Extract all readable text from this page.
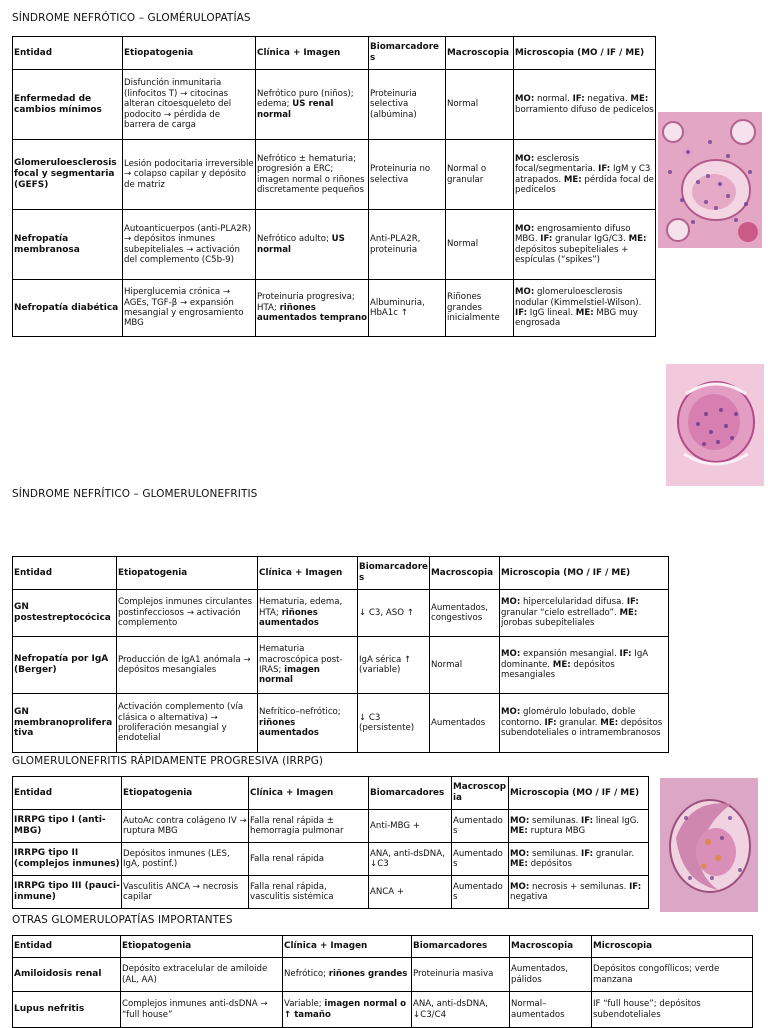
SÍNDROME NEFRÓTICO – GLOMÉRULOPATÍAS
Entidad	Etiopatogenia	Clínica + Imagen	Biomarcadores	Macroscopia	Microscopia (MO / IF / ME)
Enfermedad de cambios mínimos	Disfunción inmunitaria (linfocitos T) → citocinas alteran citoesqueleto del podocito → pérdida de barrera de carga	Nefrótico puro (niños); edema; US renal normal	Proteinuria selectiva (albúmina)	Normal	MO: normal. IF: negativa. ME: borramiento difuso de pedicelos
Glomeruloesclerosis focal y segmentaria (GEFS)	Lesión podocitaria irreversible → colapso capilar y depósito de matriz	Nefrótico ± hematuria; progresión a ERC; imagen normal o riñones discretamente pequeños	Proteinuria no selectiva	Normal o granular	MO: esclerosis focal/segmentaria. IF: IgM y C3 atrapados. ME: pérdida focal de pedicelos
Nefropatía membranosa	Autoanticuerpos (anti-PLA2R) → depósitos inmunes subepiteliales → activación del complemento (C5b-9)	Nefrótico adulto; US normal	Anti-PLA2R, proteinuria	Normal	MO: engrosamiento difuso MBG. IF: granular IgG/C3. ME: depósitos subepiteliales + espículas (“spikes”)
Nefropatía diabética	Hiperglucemia crónica → AGEs, TGF-β → expansión mesangial y engrosamiento MBG	Proteinuria progresiva; HTA; riñones aumentados temprano	Albuminuria, HbA1c ↑	Riñones grandes inicialmente	MO: glomeruloesclerosis nodular (Kimmelstiel-Wilson). IF: IgG lineal. ME: MBG muy engrosada
SÍNDROME NEFRÍTICO – GLOMERULONEFRITIS
Entidad	Etiopatogenia	Clínica + Imagen	Biomarcadores	Macroscopia	Microscopia (MO / IF / ME)
GN postestreptocócica	Complejos inmunes circulantes postinfecciosos → activación complemento	Hematuria, edema, HTA; riñones aumentados	↓ C3, ASO ↑	Aumentados, congestivos	MO: hipercelularidad difusa. IF: granular “cielo estrellado”. ME: jorobas subepiteliales
Nefropatía por IgA (Berger)	Producción de IgA1 anómala → depósitos mesangiales	Hematuria macroscópica post-IRAS; imagen normal	IgA sérica ↑ (variable)	Normal	MO: expansión mesangial. IF: IgA dominante. ME: depósitos mesangiales
GN membranoproliferativa	Activación complemento (vía clásica o alternativa) → proliferación mesangial y endotelial	Nefrítico–nefrótico; riñones aumentados	↓ C3 (persistente)	Aumentados	MO: glomérulo lobulado, doble contorno. IF: granular. ME: depósitos subendoteliales o intramembranosos
GLOMERULONEFRITIS RÁPIDAMENTE PROGRESIVA (IRRPG)
Entidad	Etiopatogenia	Clínica + Imagen	Biomarcadores	Macroscopia	Microscopia (MO / IF / ME)
IRRPG tipo I (anti-MBG)	AutoAc contra colágeno IV → ruptura MBG	Falla renal rápida ± hemorragia pulmonar	Anti-MBG +	Aumentados	MO: semilunas. IF: lineal IgG. ME: ruptura MBG
IRRPG tipo II (complejos inmunes)	Depósitos inmunes (LES, IgA, postinf.)	Falla renal rápida	ANA, anti-dsDNA, ↓C3	Aumentados	MO: semilunas. IF: granular. ME: depósitos
IRRPG tipo III (pauci-inmune)	Vasculitis ANCA → necrosis capilar	Falla renal rápida, vasculitis sistémica	ANCA +	Aumentados	MO: necrosis + semilunas. IF: negativa
OTRAS GLOMERULOPATÍAS IMPORTANTES
Entidad	Etiopatogenia	Clínica + Imagen	Biomarcadores	Macroscopia	Microscopia
Amiloidosis renal	Depósito extracelular de amiloide (AL, AA)	Nefrótico; riñones grandes	Proteinuria masiva	Aumentados, pálidos	Depósitos congofílicos; verde manzana
Lupus nefritis	Complejos inmunes anti-dsDNA → “full house”	Variable; imagen normal o ↑ tamaño	ANA, anti-dsDNA, ↓C3/C4	Normal–aumentados	IF “full house”; depósitos subendoteliales
